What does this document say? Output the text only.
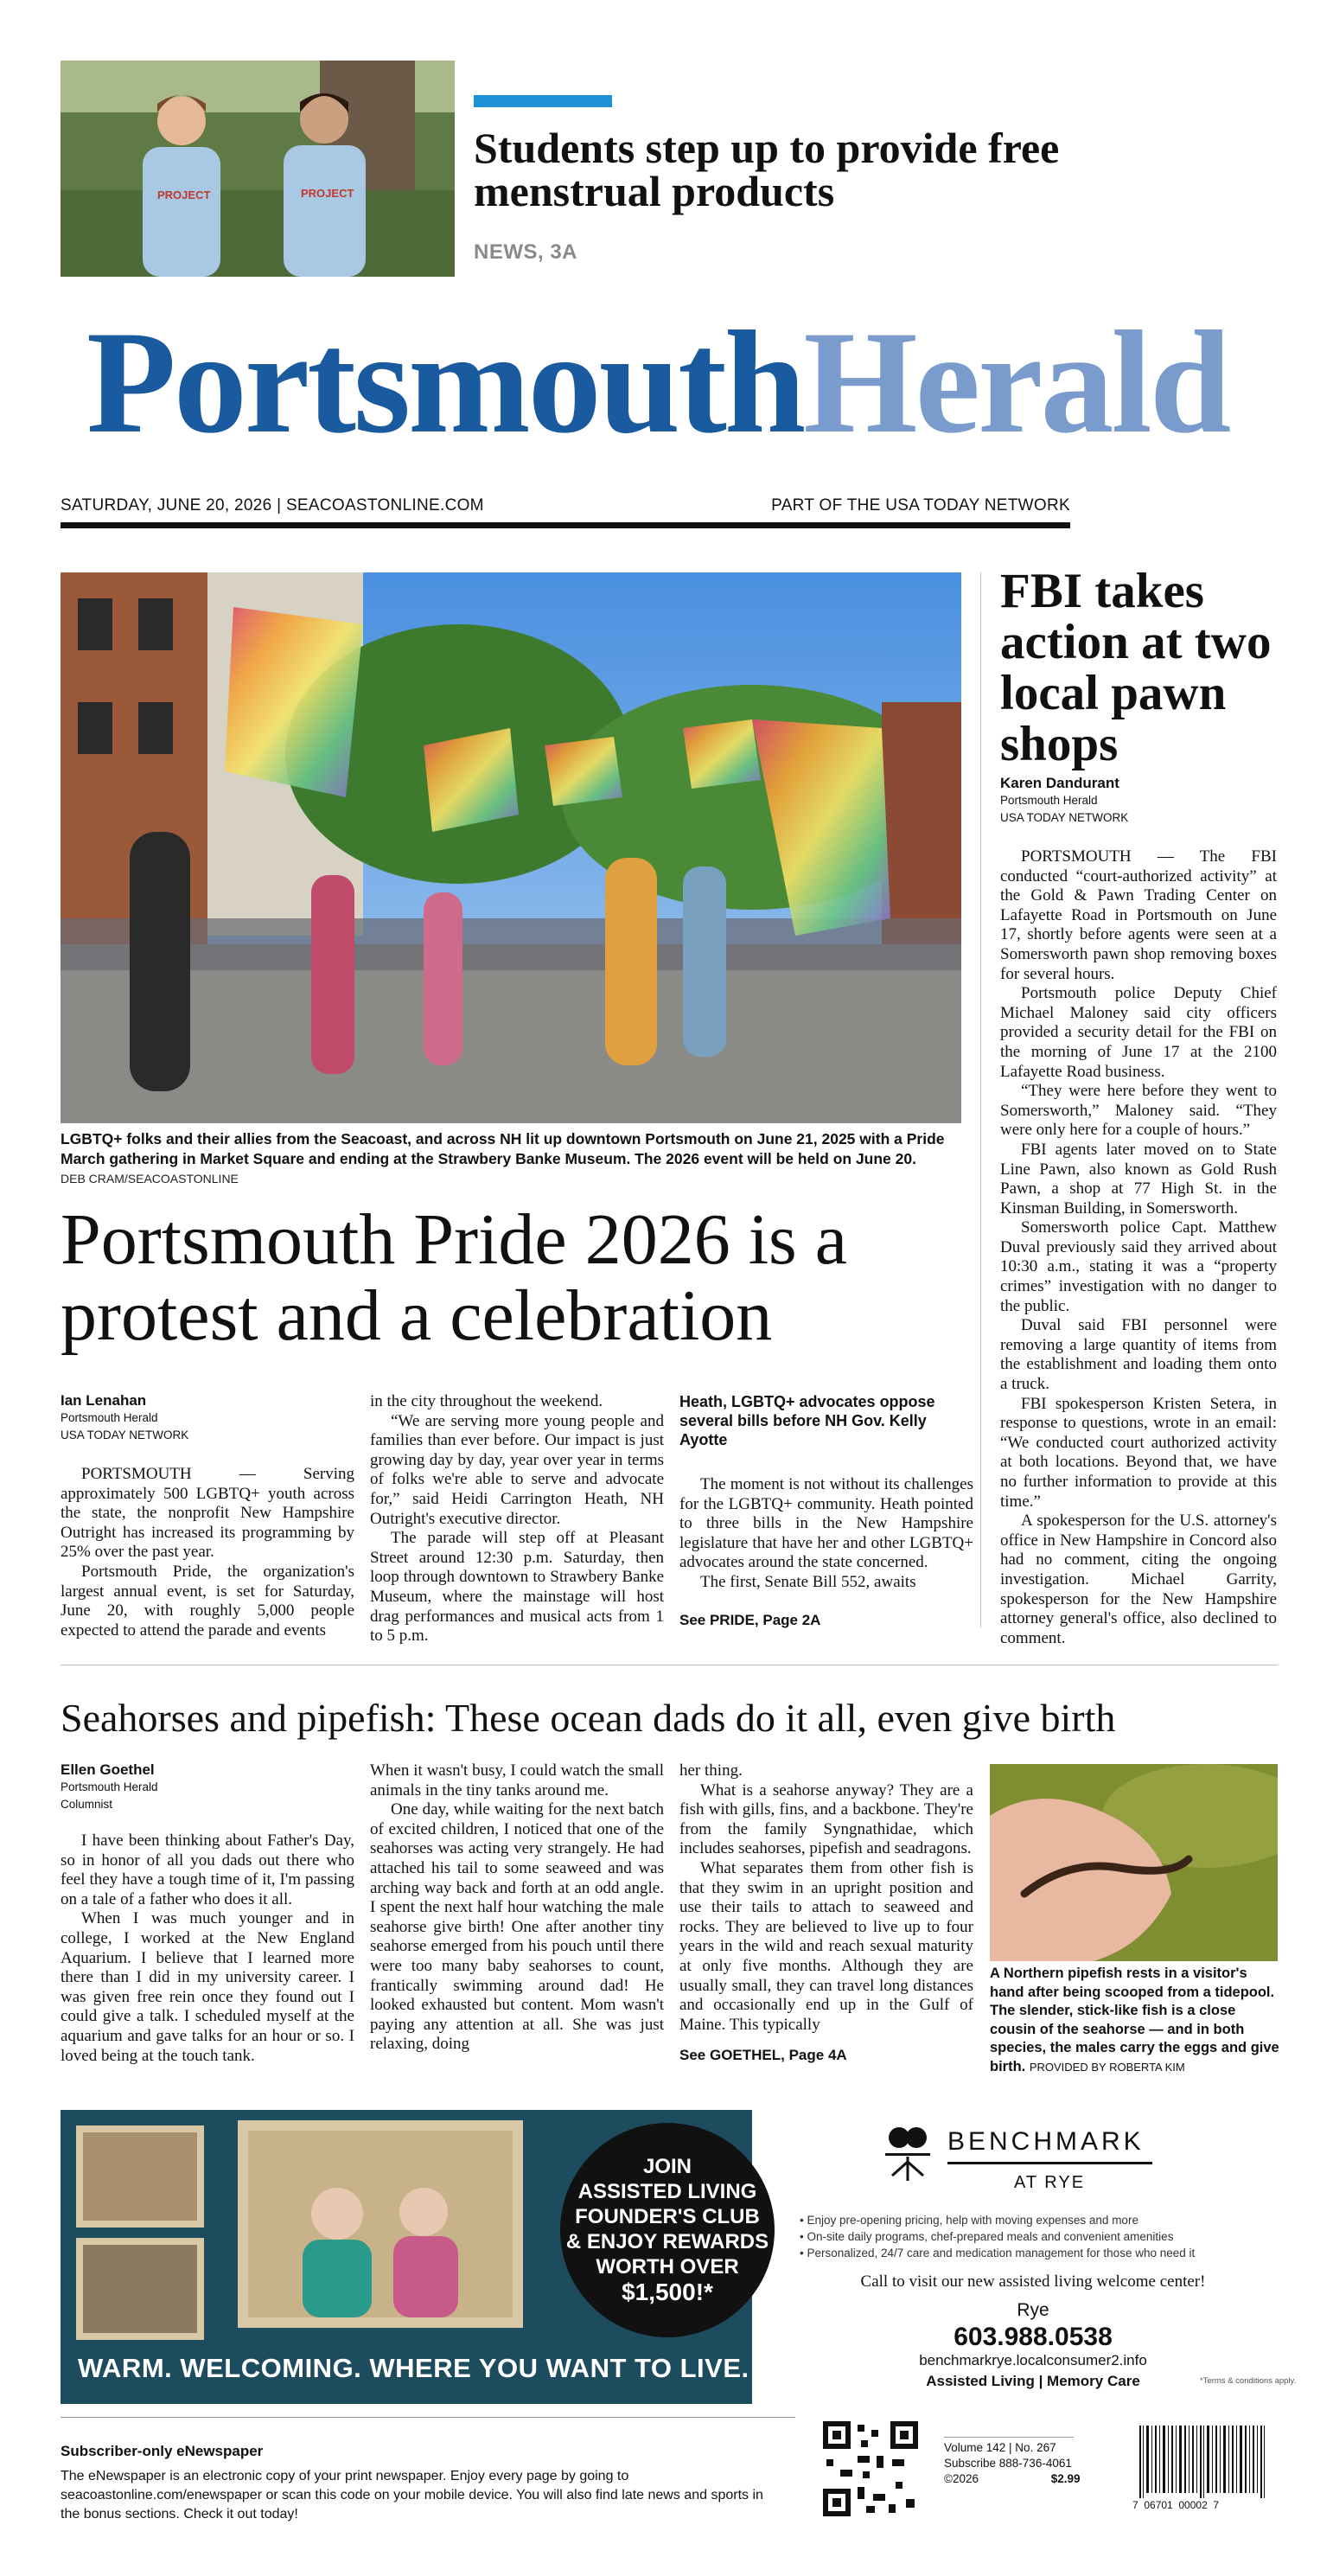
PROJECT	PROJECT
Students step up to provide free menstrual products
NEWS, 3A
PortsmouthHerald
SATURDAY, JUNE 20, 2026 | SEACOASTONLINE.COM	PART OF THE USA TODAY NETWORK
LGBTQ+ folks and their allies from the Seacoast, and across NH lit up downtown Portsmouth on June 21, 2025 with a Pride March gathering in Market Square and ending at the Strawbery Banke Museum. The 2026 event will be held on June 20.
DEB CRAM/SEACOASTONLINE
Portsmouth Pride 2026 is a protest and a celebration
Ian Lenahan
Portsmouth Herald
USA TODAY NETWORK

PORTSMOUTH — Serving approximately 500 LGBTQ+ youth across the state, the nonprofit New Hampshire Outright has increased its programming by 25% over the past year.

Portsmouth Pride, the organization's largest annual event, is set for Saturday, June 20, with roughly 5,000 people expected to attend the parade and events

in the city throughout the weekend.

“We are serving more young people and families than ever before. Our impact is just growing day by day, year over year in terms of folks we're able to serve and advocate for,” said Heidi Carrington Heath, NH Outright's executive director.

The parade will step off at Pleasant Street around 12:30 p.m. Saturday, then loop through downtown to Strawbery Banke Museum, where the mainstage will host drag performances and musical acts from 1 to 5 p.m.

Heath, LGBTQ+ advocates oppose several bills before NH Gov. Kelly Ayotte

The moment is not without its challenges for the LGBTQ+ community. Heath pointed to three bills in the New Hampshire legislature that have her and other LGBTQ+ advocates around the state concerned.

The first, Senate Bill 552, awaits

See PRIDE, Page 2A
FBI takes action at two local pawn shops
Karen Dandurant
Portsmouth Herald
USA TODAY NETWORK

PORTSMOUTH — The FBI conducted “court-authorized activity” at the Gold & Pawn Trading Center on Lafayette Road in Portsmouth on June 17, shortly before agents were seen at a Somersworth pawn shop removing boxes for several hours.

Portsmouth police Deputy Chief Michael Maloney said city officers provided a security detail for the FBI on the morning of June 17 at the 2100 Lafayette Road business.

“They were here before they went to Somersworth,” Maloney said. “They were only here for a couple of hours.”

FBI agents later moved on to State Line Pawn, also known as Gold Rush Pawn, a shop at 77 High St. in the Kinsman Building, in Somersworth.

Somersworth police Capt. Matthew Duval previously said they arrived about 10:30 a.m., stating it was a “property crimes” investigation with no danger to the public.

Duval said FBI personnel were removing a large quantity of items from the establishment and loading them onto a truck.

FBI spokesperson Kristen Setera, in response to questions, wrote in an email: “We conducted court authorized activity at both locations. Beyond that, we have no further information to provide at this time.”

A spokesperson for the U.S. attorney's office in New Hampshire in Concord also had no comment, citing the ongoing investigation. Michael Garrity, spokesperson for the New Hampshire attorney general's office, also declined to comment.

Seahorses and pipefish: These ocean dads do it all, even give birth
Ellen Goethel
Portsmouth Herald
Columnist

I have been thinking about Father's Day, so in honor of all you dads out there who feel they have a tough time of it, I'm passing on a tale of a father who does it all.

When I was much younger and in college, I worked at the New England Aquarium. I believe that I learned more there than I did in my university career. I was given free rein once they found out I could give a talk. I scheduled myself at the aquarium and gave talks for an hour or so. I loved being at the touch tank.

When it wasn't busy, I could watch the small animals in the tiny tanks around me.

One day, while waiting for the next batch of excited children, I noticed that one of the seahorses was acting very strangely. He had attached his tail to some seaweed and was arching way back and forth at an odd angle. I spent the next half hour watching the male seahorse give birth! One after another tiny seahorse emerged from his pouch until there were too many baby seahorses to count, frantically swimming around dad! He looked exhausted but content. Mom wasn't paying any attention at all. She was just relaxing, doing

her thing.

What is a seahorse anyway? They are a fish with gills, fins, and a backbone. They're from the family Syngnathidae, which includes seahorses, pipefish and seadragons.

What separates them from other fish is that they swim in an upright position and use their tails to attach to seaweed and rocks. They are believed to live up to four years in the wild and reach sexual maturity at only five months. Although they are usually small, they can travel long distances and occasionally end up in the Gulf of Maine. This typically

See GOETHEL, Page 4A
A Northern pipefish rests in a visitor's hand after being scooped from a tidepool. The slender, stick-like fish is a close cousin of the seahorse — and in both species, the males carry the eggs and give birth. PROVIDED BY ROBERTA KIM
JOIN
ASSISTED LIVING
FOUNDER'S CLUB
& ENJOY REWARDS
WORTH OVER
$1,500!*
WARM. WELCOMING. WHERE YOU WANT TO LIVE.
BENCHMARK
AT RYE
• Enjoy pre-opening pricing, help with moving expenses and more
• On-site daily programs, chef-prepared meals and convenient amenities
• Personalized, 24/7 care and medication management for those who need it
Call to visit our new assisted living welcome center!
Rye
603.988.0538
benchmarkrye.localconsumer2.info
Assisted Living | Memory Care	*Terms & conditions apply.
Subscriber-only eNewspaper
The eNewspaper is an electronic copy of your print newspaper. Enjoy every page by going to seacoastonline.com/enewspaper or scan this code on your mobile device. You will also find late news and sports in the bonus sections. Check it out today!
Volume 142 | No. 267
Subscribe 888-736-4061
©2026	$2.99
7  06701  00002  7
